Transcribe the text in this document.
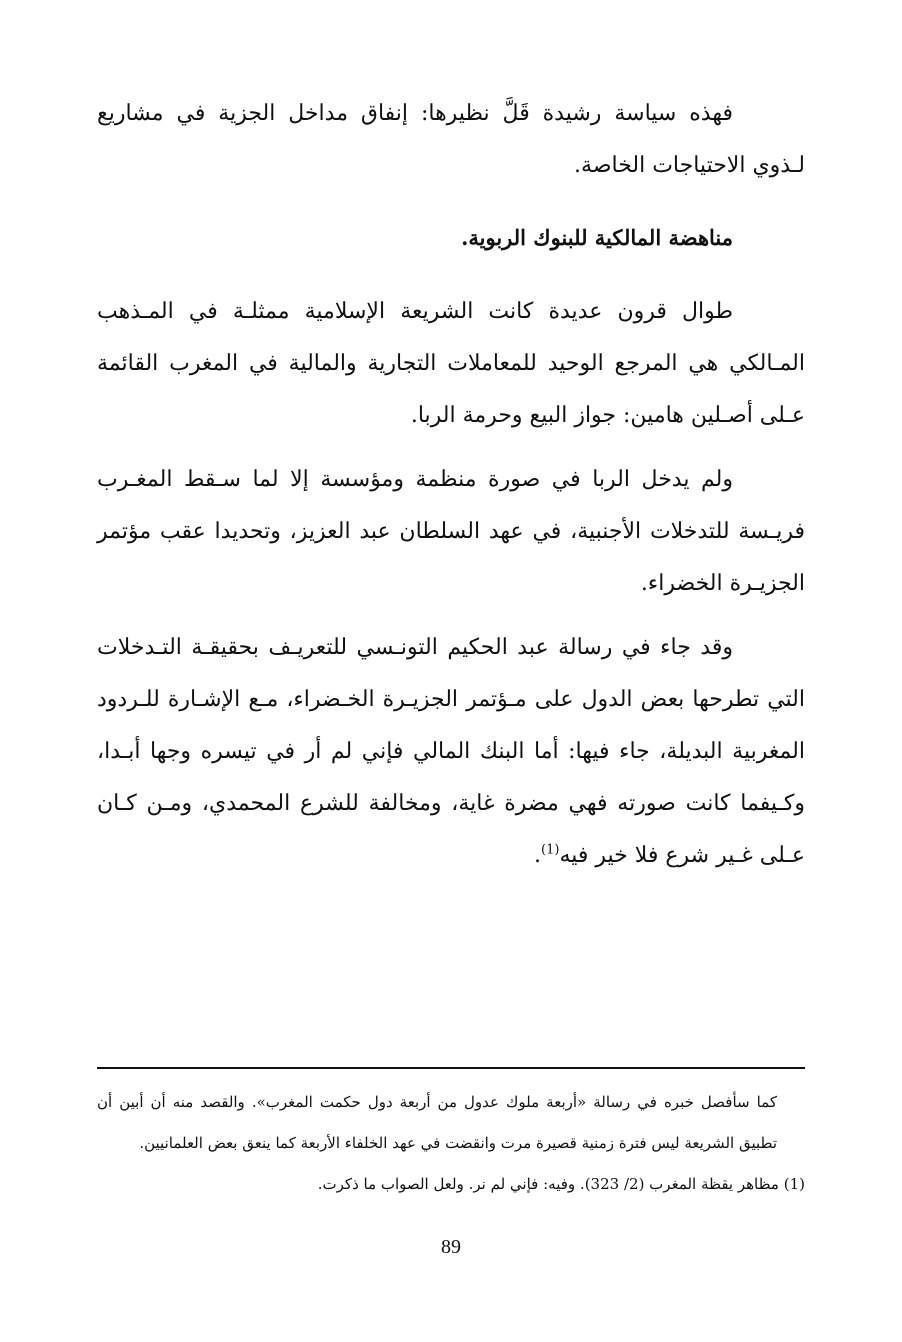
فهذه سياسة رشيدة قَلَّ نظيرها: إنفاق مداخل الجزية في مشاريع لـذوي الاحتياجات الخاصة.

مناهضة المالكية للبنوك الربوية.

طوال قرون عديدة كانت الشريعة الإسلامية ممثلـة في المـذهب المـالكي هي المرجع الوحيد للمعاملات التجارية والمالية في المغرب القائمة عـلى أصـلين هامين: جواز البيع وحرمة الربا.

ولم يدخل الربا في صورة منظمة ومؤسسة إلا لما سـقط المغـرب فريـسة للتدخلات الأجنبية، في عهد السلطان عبد العزيز، وتحديدا عقب مؤتمر الجزيـرة الخضراء.

وقد جاء في رسالة عبد الحكيم التونـسي للتعريـف بحقيقـة التـدخلات التي تطرحها بعض الدول على مـؤتمر الجزيـرة الخـضراء، مـع الإشـارة للـردود المغربية البديلة، جاء فيها: أما البنك المالي فإني لم أر في تيسره وجها أبـدا، وكـيفما كانت صورته فهي مضرة غاية، ومخالفة للشرع المحمدي، ومـن كـان عـلى غـير شرع فلا خير فيه$^{(1)}$.

كما سأفصل خبره في رسالة «أربعة ملوك عدول من أربعة دول حكمت المغرب». والقصد منه أن أبين أن تطبيق الشريعة ليس فترة زمنية قصيرة مرت وانقضت في عهد الخلفاء الأربعة كما ينعق بعض العلمانيين.

(1) مظاهر يقظة المغرب (2/ 323). وفيه: فإني لم نر. ولعل الصواب ما ذكرت.

89
